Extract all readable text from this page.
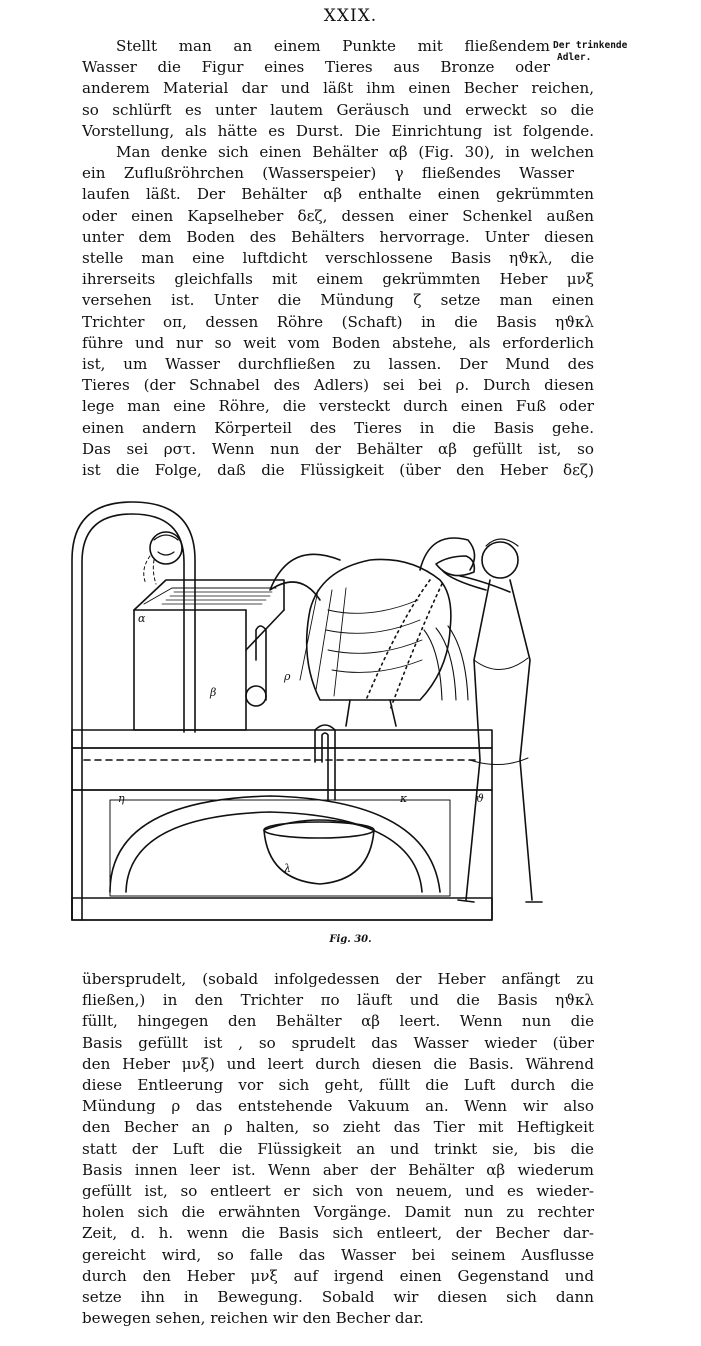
XXIX.
Der trinkende
Adler.
Stellt man an einem Punkte mit fließendem
Wasser die Figur eines Tieres aus Bronze oder
anderem Material dar und läßt ihm einen Becher reichen,
so schlürft es unter lautem Geräusch und erweckt so die
Vorstellung, als hätte es Durst. Die Einrichtung ist folgende.
Man denke sich einen Behälter αβ (Fig. 30), in welchen
ein Zuflußröhrchen (Wasserspeier) γ fließendes Wasser
laufen läßt. Der Behälter αβ enthalte einen gekrümmten
oder einen Kapselheber δεζ, dessen einer Schenkel außen
unter dem Boden des Behälters hervorrage. Unter diesen
stelle man eine luftdicht verschlossene Basis ηϑκλ, die
ihrerseits gleichfalls mit einem gekrümmten Heber μνξ
versehen ist. Unter die Mündung ζ setze man einen
Trichter οπ, dessen Röhre (Schaft) in die Basis ηϑκλ
führe und nur so weit vom Boden abstehe, als erforderlich
ist, um Wasser durchfließen zu lassen. Der Mund des
Tieres (der Schnabel des Adlers) sei bei ρ. Durch diesen
lege man eine Röhre, die versteckt durch einen Fuß oder
einen andern Körperteil des Tieres in die Basis gehe.
Das sei ρστ. Wenn nun der Behälter αβ gefüllt ist, so
ist die Folge, daß die Flüssigkeit (über den Heber δεζ)
α
β
ρ
η	κ
λ
ϑ
Fig. 30.
übersprudelt, (sobald infolgedessen der Heber anfängt zu
fließen,) in den Trichter πο läuft und die Basis ηϑκλ
füllt, hingegen den Behälter αβ leert. Wenn nun die
Basis gefüllt ist , so sprudelt das Wasser wieder (über
den Heber μνξ) und leert durch diesen die Basis. Während
diese Entleerung vor sich geht, füllt die Luft durch die
Mündung ρ das entstehende Vakuum an. Wenn wir also
den Becher an ρ halten, so zieht das Tier mit Heftigkeit
statt der Luft die Flüssigkeit an und trinkt sie, bis die
Basis innen leer ist. Wenn aber der Behälter αβ wiederum
gefüllt ist, so entleert er sich von neuem, und es wieder-
holen sich die erwähnten Vorgänge. Damit nun zu rechter
Zeit, d. h. wenn die Basis sich entleert, der Becher dar-
gereicht wird, so falle das Wasser bei seinem Ausflusse
durch den Heber μνξ auf irgend einen Gegenstand und
setze ihn in Bewegung. Sobald wir diesen sich dann
bewegen sehen, reichen wir den Becher dar.
